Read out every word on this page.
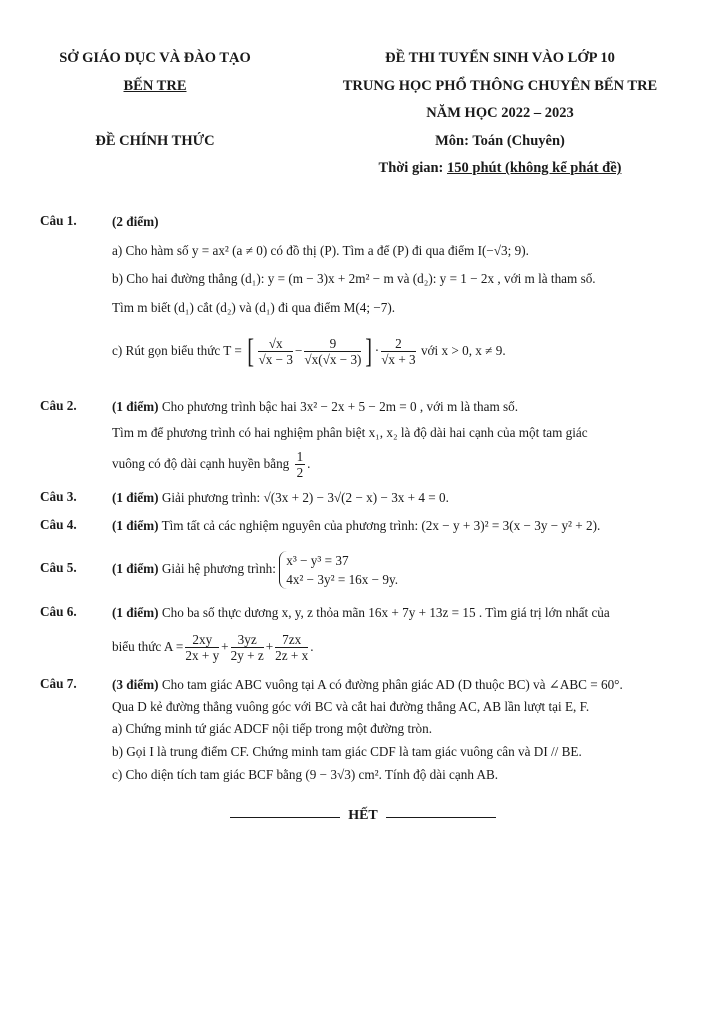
SỞ GIÁO DỤC VÀ ĐÀO TẠO
BẾN TRE
ĐỀ CHÍNH THỨC
ĐỀ THI TUYỂN SINH VÀO LỚP 10
TRUNG HỌC PHỔ THÔNG CHUYÊN BẾN TRE
NĂM HỌC 2022 – 2023
Môn: Toán (Chuyên)
Thời gian: 150 phút (không kể phát đề)
Câu 1.	(2 điểm)
a) Cho hàm số y = ax² (a ≠ 0) có đồ thị (P). Tìm a để (P) đi qua điểm I(−√3; 9).
b) Cho hai đường thẳng (d₁): y = (m − 3)x + 2m² − m và (d₂): y = 1 − 2x , với m là tham số.
Tìm m biết (d₁) cắt (d₂) và (d₁) đi qua điểm M(4; −7).
c) Rút gọn biểu thức T = [ $\frac{√x}{√x - 3} - \frac{9}{√x(√x - 3)}$ ] · $\frac{2}{√x + 3}$ với x > 0, x ≠ 9.
Câu 2.	(1 điểm) Cho phương trình bậc hai 3x² − 2x + 5 − 2m = 0 , với m là tham số.
Tìm m để phương trình có hai nghiệm phân biệt x₁, x₂ là độ dài hai cạnh của một tam giác
vuông có độ dài cạnh huyền bằng $\frac{1}{2}$ .
Câu 3.	(1 điểm) Giải phương trình: √(3x + 2) − 3√(2 − x) − 3x + 4 = 0.
Câu 4.	(1 điểm) Tìm tất cả các nghiệm nguyên của phương trình: (2x − y + 3)² = 3(x − 3y − y² + 2).
Câu 5.	(1 điểm) Giải hệ phương trình:
x³ − y³ = 37
4x² − 3y² = 16x − 9y.
Câu 6.	(1 điểm) Cho ba số thực dương x, y, z thỏa mãn 16x + 7y + 13z = 15 . Tìm giá trị lớn nhất của
biểu thức $A = \frac{2xy}{2x + y} + \frac{3yz}{2y + z} + \frac{7zx}{2z + x}$ .
Câu 7.	(3 điểm) Cho tam giác ABC vuông tại A có đường phân giác AD (D thuộc BC) và ∠ABC = 60°.
Qua D kẻ đường thẳng vuông góc với BC và cắt hai đường thẳng AC, AB lần lượt tại E, F.
a) Chứng minh tứ giác ADCF nội tiếp trong một đường tròn.
b) Gọi I là trung điểm CF. Chứng minh tam giác CDF là tam giác vuông cân và DI // BE.
c) Cho diện tích tam giác BCF bằng (9 − 3√3) cm². Tính độ dài cạnh AB.
HẾT
